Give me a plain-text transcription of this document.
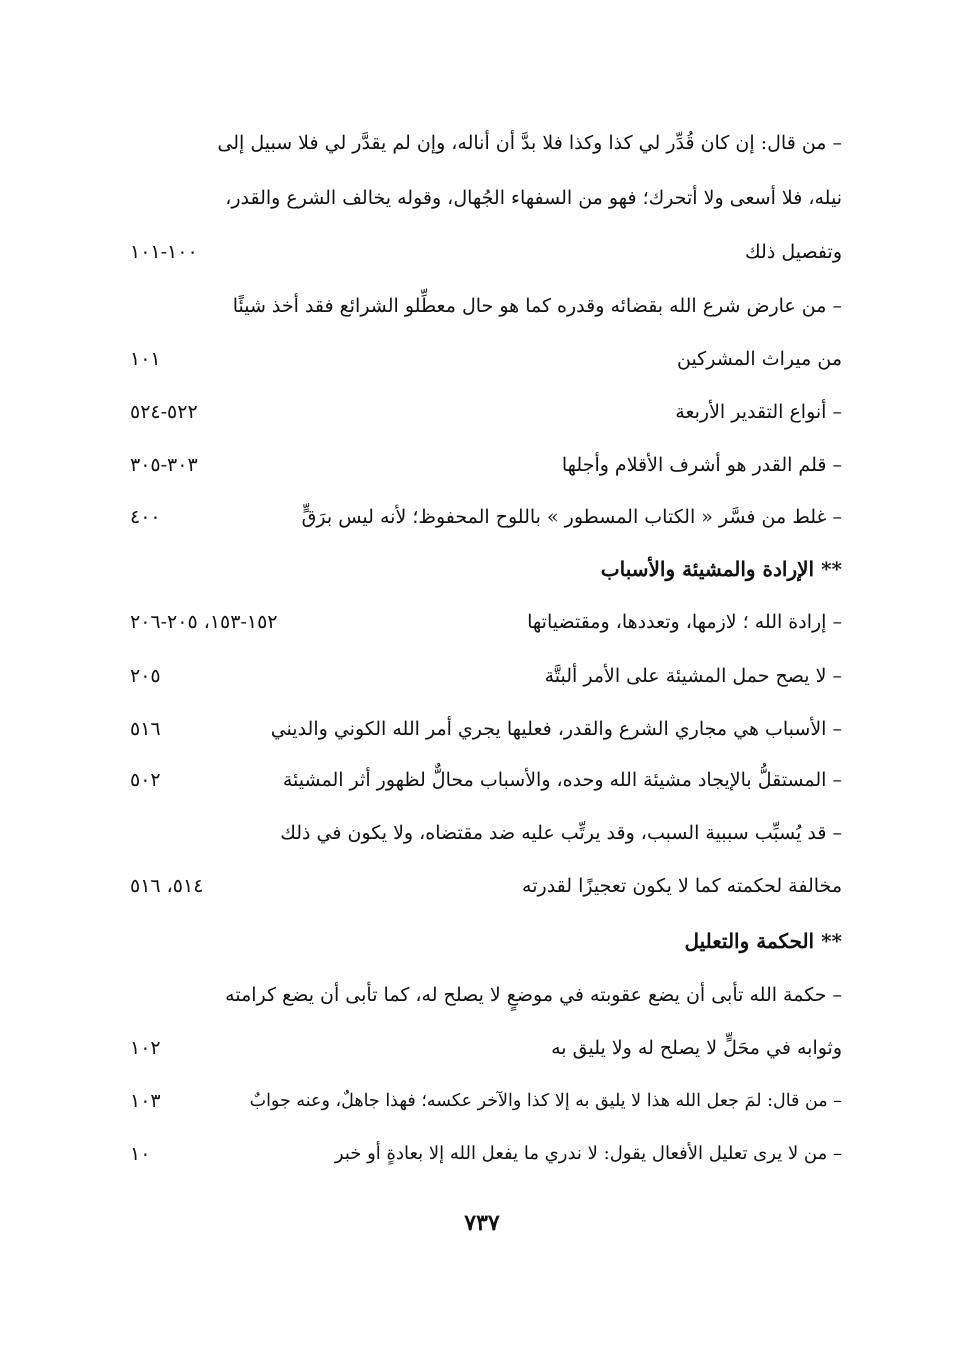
– من قال: إن كان قُدِّر لي كذا وكذا فلا بدَّ أن أناله، وإن لم يقدَّر لي فلا سبيل إلى
نيله، فلا أسعى ولا أتحرك؛ فهو من السفهاء الجُهال، وقوله يخالف الشرع والقدر،
وتفصيل ذلك
١٠٠-١٠١
– من عارض شرع الله بقضائه وقدره كما هو حال معطِّلو الشرائع فقد أخذ شيئًا
من ميراث المشركين
١٠١
– أنواع التقدير الأربعة
٥٢٢-٥٢٤
– قلم القدر هو أشرف الأقلام وأجلها
٣٠٣-٣٠٥
– غلط من فسَّر « الكتاب المسطور » باللوح المحفوظ؛ لأنه ليس برَقٍّ
٤٠٠
** الإرادة والمشيئة والأسباب
– إرادة الله ؛ لازمها، وتعددها، ومقتضياتها
١٥٢-١٥٣، ٢٠٥-٢٠٦
– لا يصح حمل المشيئة على الأمر ألبتَّة
٢٠٥
– الأسباب هي مجاري الشرع والقدر، فعليها يجري أمر الله الكوني والديني
٥١٦
– المستقلُّ بالإيجاد مشيئة الله وحده، والأسباب محالٌّ لظهور أثر المشيئة
٥٠٢
– قد يُسبِّب سببية السبب، وقد يرتِّب عليه ضد مقتضاه، ولا يكون في ذلك
مخالفة لحكمته كما لا يكون تعجيزًا لقدرته
٥١٤، ٥١٦
** الحكمة والتعليل
– حكمة الله تأبى أن يضع عقوبته في موضعٍ لا يصلح له، كما تأبى أن يضع كرامته
وثوابه في محَلٍّ لا يصلح له ولا يليق به
١٠٢
– من قال: لمَ جعل الله هذا لا يليق به إلا كذا والآخر عكسه؛ فهذا جاهلٌ، وعنه جوابٌ
١٠٣
– من لا يرى تعليل الأفعال يقول: لا ندري ما يفعل الله إلا بعادةٍ أو خبر
١٠
٧٣٧
